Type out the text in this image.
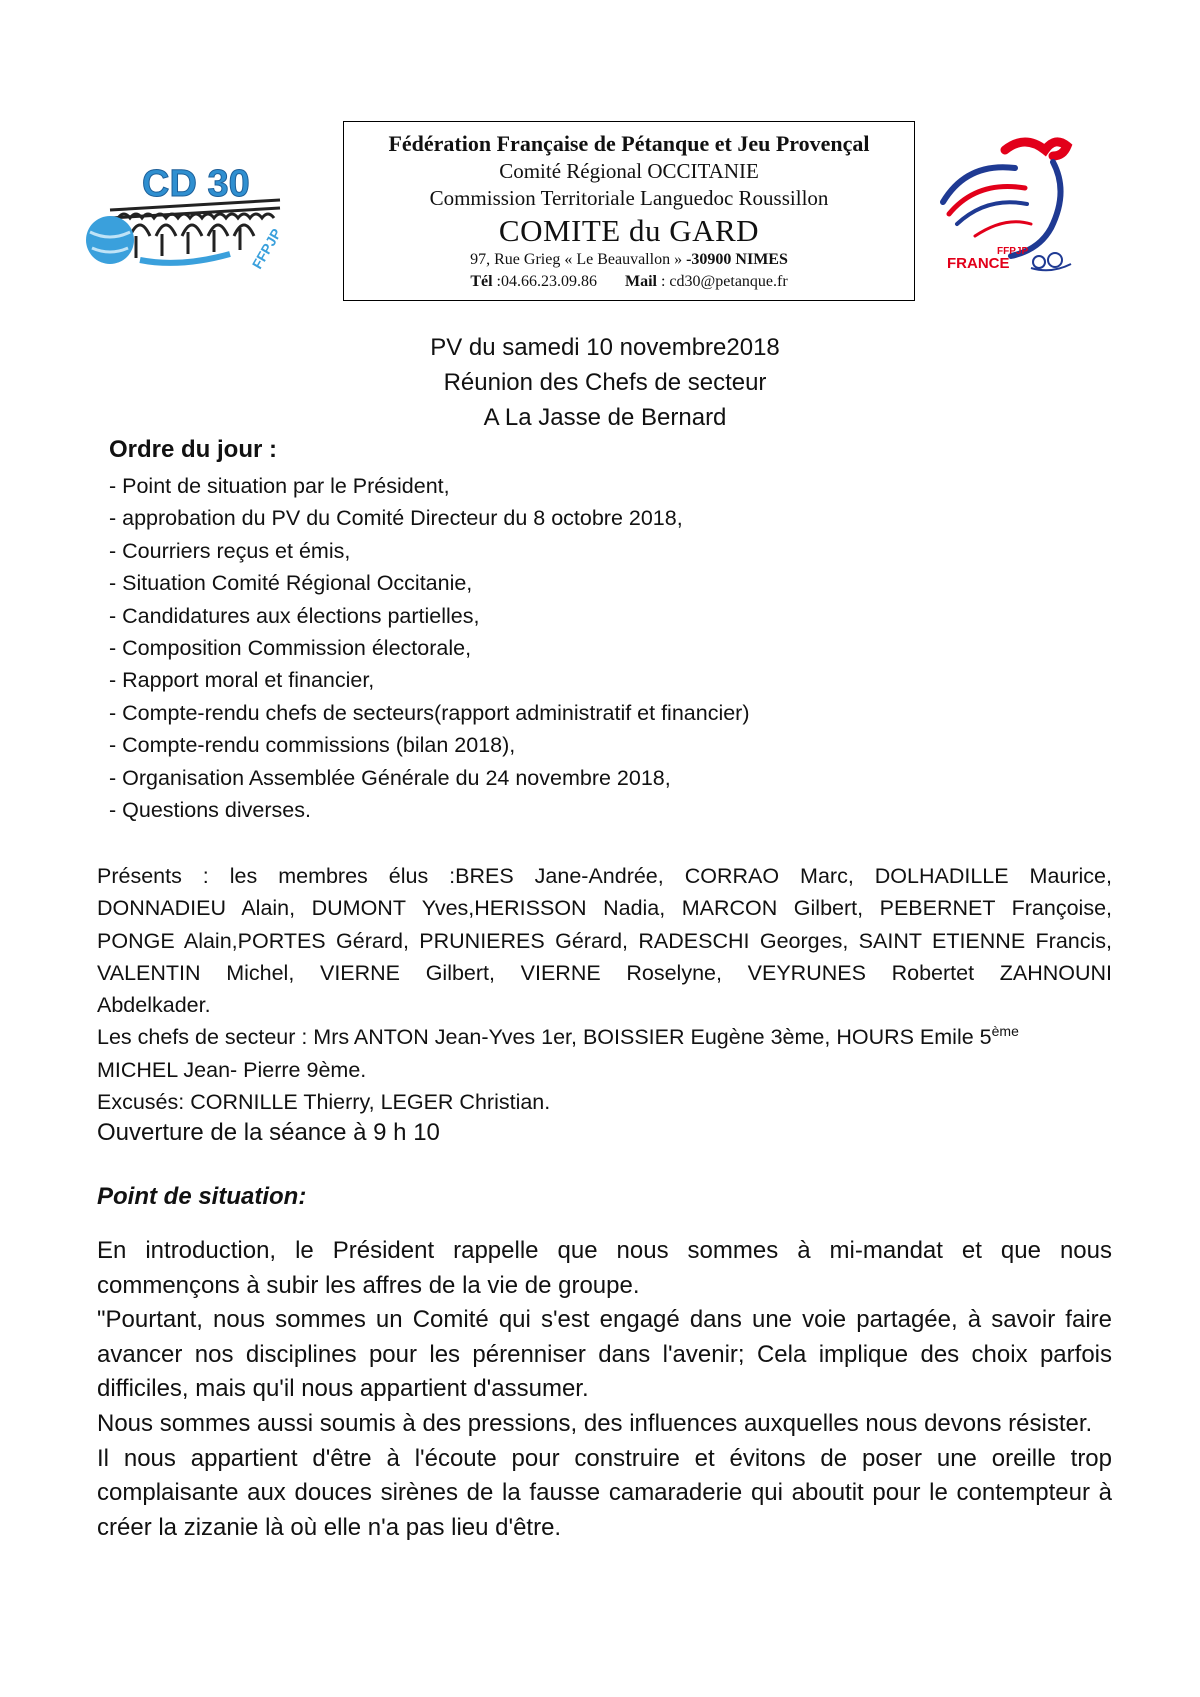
CD 30
FFPJP
Fédération Française de Pétanque et Jeu Provençal
Comité Régional OCCITANIE
Commission Territoriale Languedoc Roussillon
COMITE du GARD
97, Rue Grieg « Le Beauvallon » -30900 NIMES
Tél :04.66.23.09.86 Mail : cd30@petanque.fr
FFPJP
FRANCE
PV du samedi 10 novembre2018
Réunion des Chefs de secteur
A La Jasse de Bernard
Ordre du jour :
- Point de situation par le Président,
- approbation du PV du Comité Directeur du 8 octobre 2018,
- Courriers reçus et émis,
- Situation Comité Régional Occitanie,
- Candidatures aux élections partielles,
- Composition Commission électorale,
- Rapport moral et financier,
- Compte-rendu chefs de secteurs(rapport administratif et financier)
- Compte-rendu commissions (bilan 2018),
- Organisation Assemblée Générale du 24 novembre 2018,
- Questions diverses.
Présents : les membres élus :BRES Jane-Andrée, CORRAO Marc, DOLHADILLE Maurice,
DONNADIEU Alain, DUMONT Yves,HERISSON Nadia, MARCON Gilbert, PEBERNET Françoise,
PONGE Alain,PORTES Gérard, PRUNIERES Gérard, RADESCHI Georges, SAINT ETIENNE Francis,
VALENTIN Michel, VIERNE Gilbert, VIERNE Roselyne, VEYRUNES Robertet ZAHNOUNI
Abdelkader.
Les chefs de secteur : Mrs ANTON Jean-Yves 1er, BOISSIER Eugène 3ème, HOURS Emile 5ème
MICHEL Jean- Pierre 9ème.
Excusés: CORNILLE Thierry, LEGER Christian.
Ouverture de la séance à 9 h 10
Point de situation:

En introduction, le Président rappelle que nous sommes à mi-mandat et que nous commençons à subir les affres de la vie de groupe.

"Pourtant, nous sommes un Comité qui s'est engagé dans une voie partagée, à savoir faire avancer nos disciplines pour les pérenniser dans l'avenir; Cela implique des choix parfois difficiles, mais qu'il nous appartient d'assumer.

Nous sommes aussi soumis à des pressions, des influences auxquelles nous devons résister.

Il nous appartient d'être à l'écoute pour construire et évitons de poser une oreille trop complaisante aux douces sirènes de la fausse camaraderie qui aboutit pour le contempteur à créer la zizanie là où elle n'a pas lieu d'être.
